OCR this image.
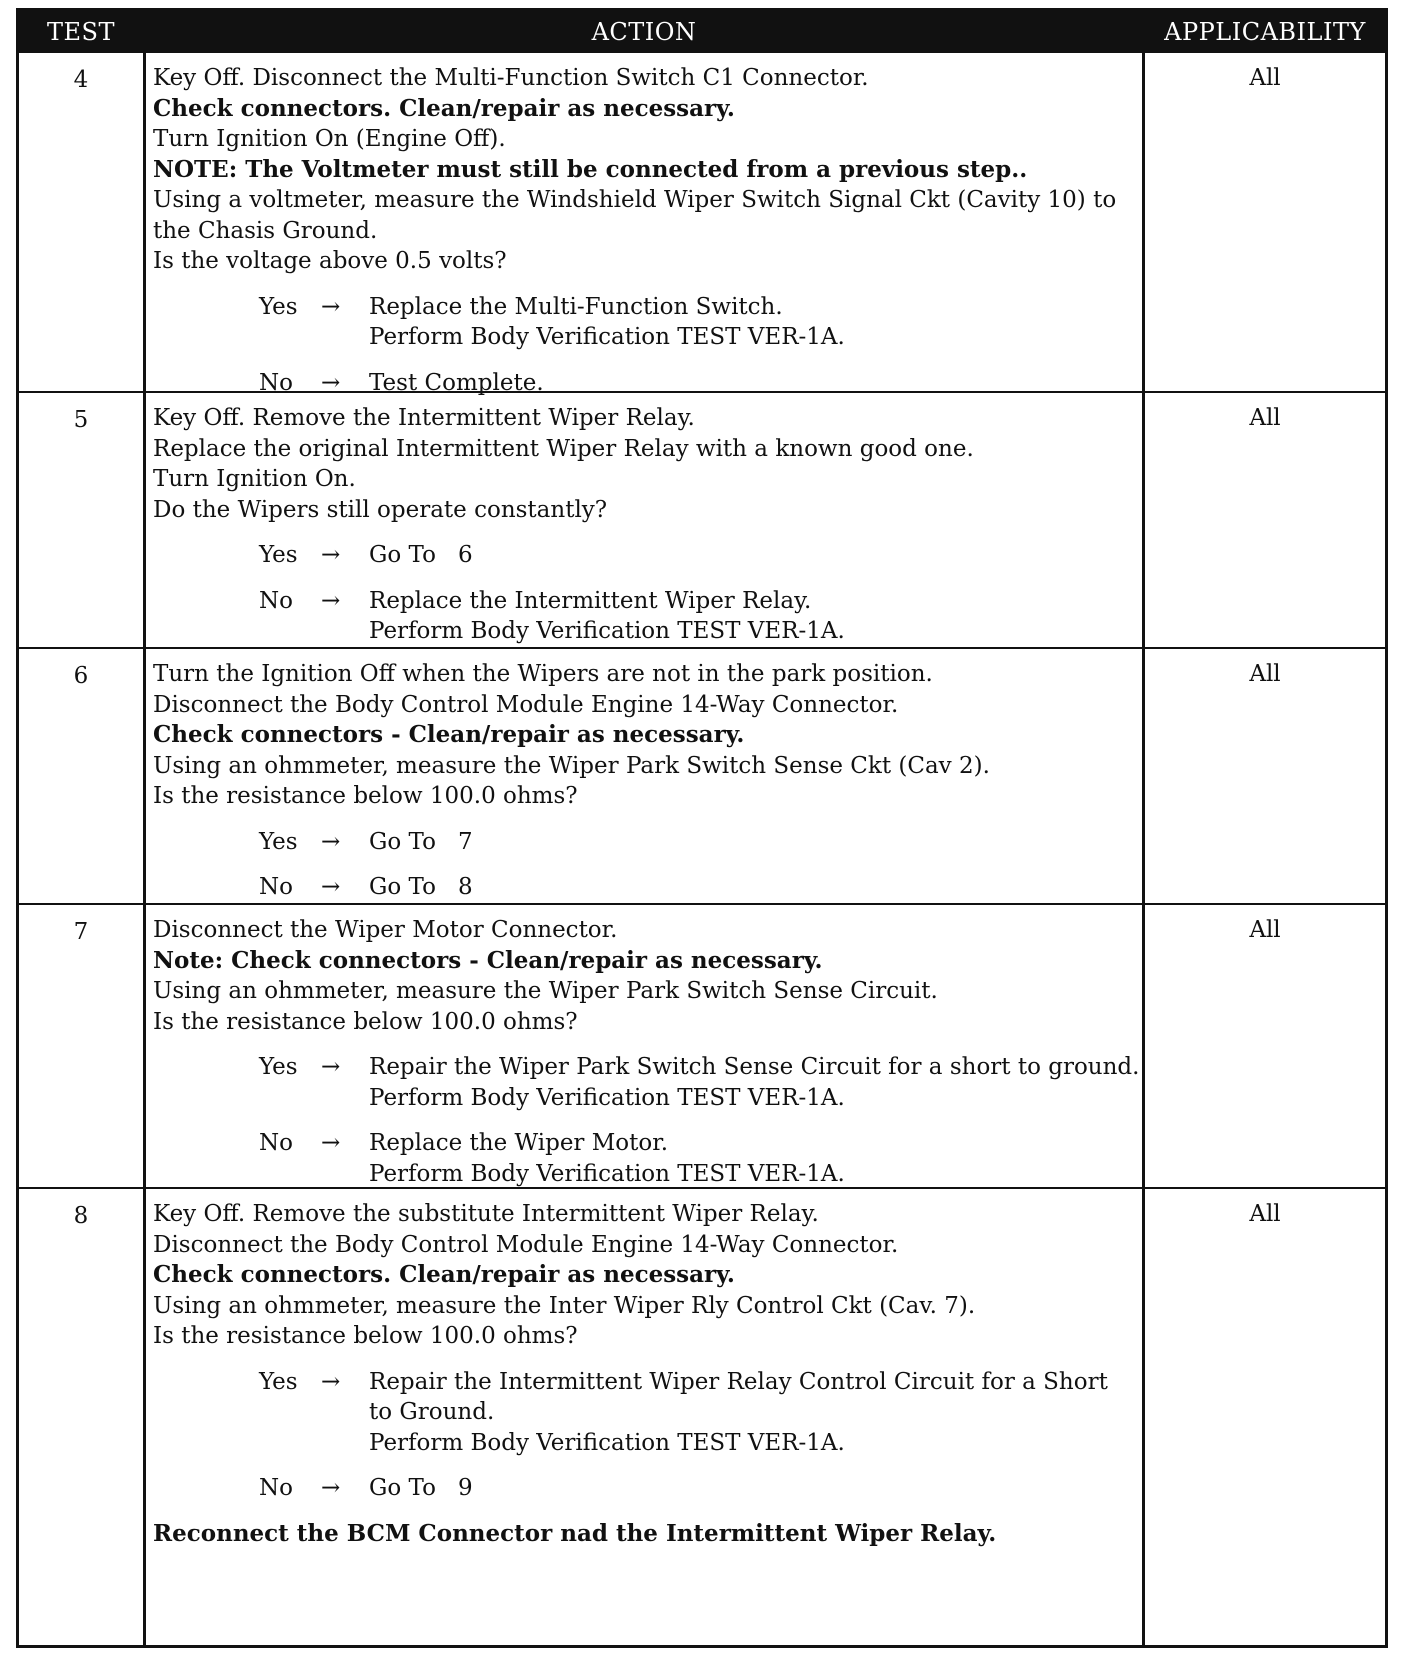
TEST	ACTION	APPLICABILITY
4	Key Off. Disconnect the Multi-Function Switch C1 Connector.
Check connectors. Clean/repair as necessary.
Turn Ignition On (Engine Off).
NOTE: The Voltmeter must still be connected from a previous step..
Using a voltmeter, measure the Windshield Wiper Switch Signal Ckt (Cavity 10) to
the Chasis Ground.
Is the voltage above 0.5 volts?
Yes → Replace the Multi-Function Switch.
Perform Body Verification TEST VER-1A.
No → Test Complete.
All
5	Key Off. Remove the Intermittent Wiper Relay.
Replace the original Intermittent Wiper Relay with a known good one.
Turn Ignition On.
Do the Wipers still operate constantly?
Yes → Go To 6
No → Replace the Intermittent Wiper Relay.
Perform Body Verification TEST VER-1A.
All
6	Turn the Ignition Off when the Wipers are not in the park position.
Disconnect the Body Control Module Engine 14-Way Connector.
Check connectors - Clean/repair as necessary.
Using an ohmmeter, measure the Wiper Park Switch Sense Ckt (Cav 2).
Is the resistance below 100.0 ohms?
Yes → Go To 7
No → Go To 8
All
7	Disconnect the Wiper Motor Connector.
Note: Check connectors - Clean/repair as necessary.
Using an ohmmeter, measure the Wiper Park Switch Sense Circuit.
Is the resistance below 100.0 ohms?
Yes → Repair the Wiper Park Switch Sense Circuit for a short to ground.
Perform Body Verification TEST VER-1A.
No → Replace the Wiper Motor.
Perform Body Verification TEST VER-1A.
All
8	Key Off. Remove the substitute Intermittent Wiper Relay.
Disconnect the Body Control Module Engine 14-Way Connector.
Check connectors. Clean/repair as necessary.
Using an ohmmeter, measure the Inter Wiper Rly Control Ckt (Cav. 7).
Is the resistance below 100.0 ohms?
Yes → Repair the Intermittent Wiper Relay Control Circuit for a Short
to Ground.
Perform Body Verification TEST VER-1A.
No → Go To 9
Reconnect the BCM Connector nad the Intermittent Wiper Relay.
All
